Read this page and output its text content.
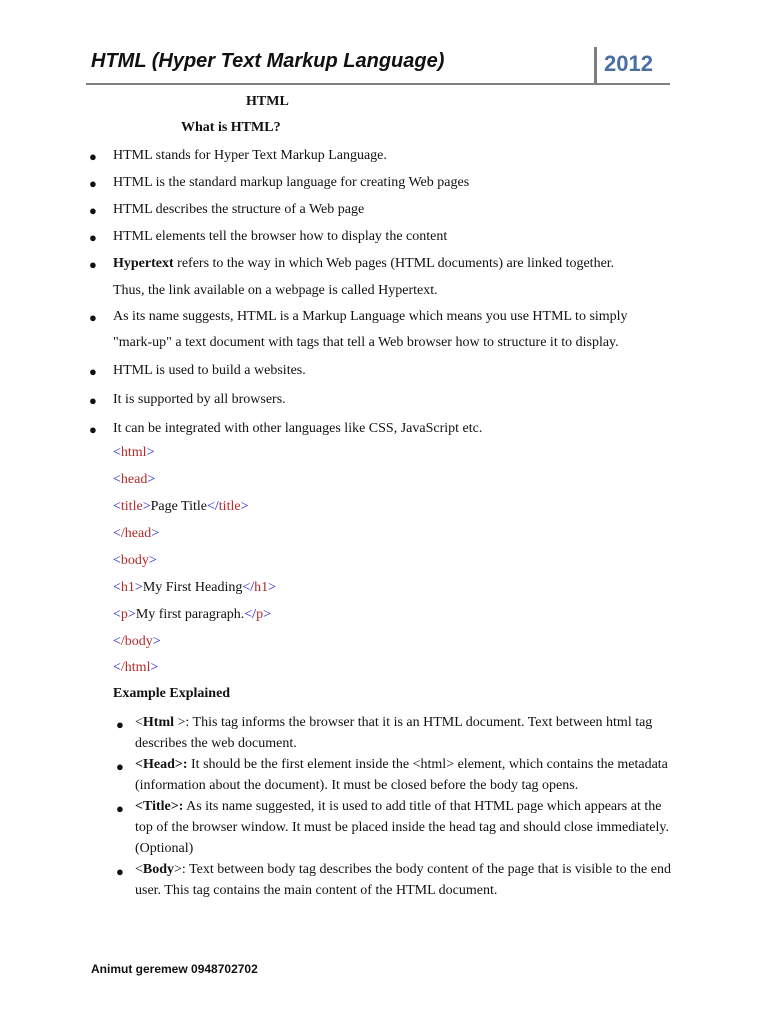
HTML (Hyper Text Markup Language)	2012
HTML
What is HTML?
● HTML stands for Hyper Text Markup Language.
● HTML is the standard markup language for creating Web pages
● HTML describes the structure of a Web page
● HTML elements tell the browser how to display the content
● Hypertext refers to the way in which Web pages (HTML documents) are linked together.
Thus, the link available on a webpage is called Hypertext.
● As its name suggests, HTML is a Markup Language which means you use HTML to simply
"mark-up" a text document with tags that tell a Web browser how to structure it to display.
● HTML is used to build a websites.
● It is supported by all browsers.
● It can be integrated with other languages like CSS, JavaScript etc.
<html>
<head>
<title>Page Title</title>
</head>
<body>
<h1>My First Heading</h1>
<p>My first paragraph.</p>
</body>
</html>
Example Explained
● <Html >: This tag informs the browser that it is an HTML document. Text between html tag describes the web document.
● <Head>: It should be the first element inside the <html> element, which contains the metadata (information about the document). It must be closed before the body tag opens.
● <Title>: As its name suggested, it is used to add title of that HTML page which appears at the top of the browser window. It must be placed inside the head tag and should close immediately. (Optional)
● <Body>: Text between body tag describes the body content of the page that is visible to the end user. This tag contains the main content of the HTML document.
Animut geremew 0948702702
